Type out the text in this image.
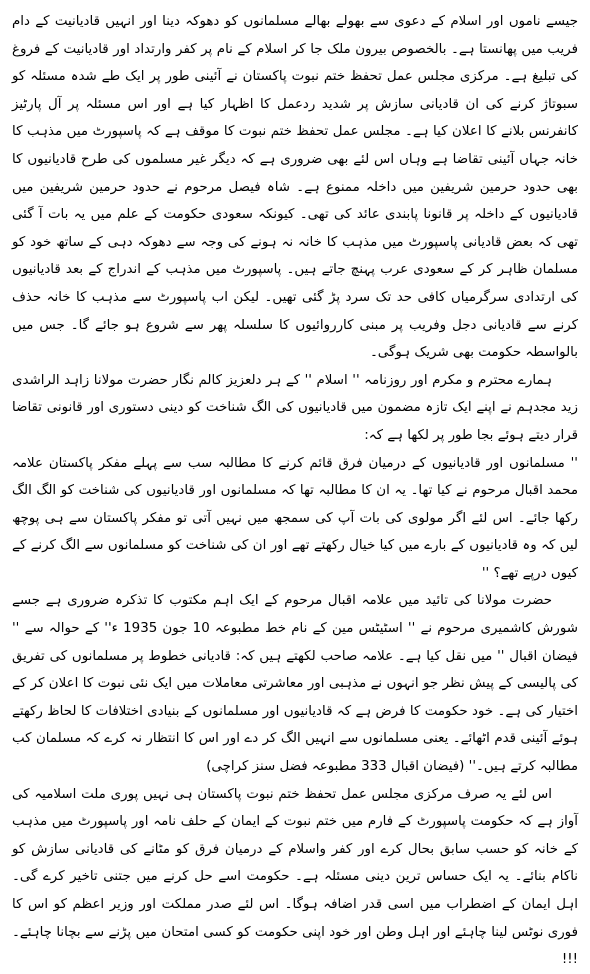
جیسے ناموں اور اسلام کے دعوی سے بھولے بھالے مسلمانوں کو دھوکہ دینا اور انہیں قادیانیت کے دام فریب میں پھانستا ہے۔ بالخصوص بیرون ملک جا کر اسلام کے نام پر کفر وارتداد اور قادیانیت کے فروغ کی تبلیغ ہے۔ مرکزی مجلس عمل تحفظ ختم نبوت پاکستان نے آئینی طور پر ایک طے شدہ مسئلہ کو سبوتاژ کرنے کی ان قادیانی سازش پر شدید ردعمل کا اظہار کیا ہے اور اس مسئلہ پر آل پارٹیز کانفرنس بلانے کا اعلان کیا ہے۔ مجلس عمل تحفظ ختم نبوت کا موقف ہے کہ پاسپورٹ میں مذہب کا خانہ جہاں آئینی تقاضا ہے وہاں اس لئے بھی ضروری ہے کہ دیگر غیر مسلموں کی طرح قادیانیوں کا بھی حدود حرمین شریفین میں داخلہ ممنوع ہے۔ شاہ فیصل مرحوم نے حدود حرمین شریفین میں قادیانیوں کے داخلہ پر قانونا پابندی عائد کی تھی۔ کیونکہ سعودی حکومت کے علم میں یہ بات آ گئی تھی کہ بعض قادیانی پاسپورٹ میں مذہب کا خانہ نہ ہونے کی وجہ سے دھوکہ دہی کے ساتھ خود کو مسلمان ظاہر کر کے سعودی عرب پہنچ جاتے ہیں۔ پاسپورٹ میں مذہب کے اندراج کے بعد قادیانیوں کی ارتدادی سرگرمیاں کافی حد تک سرد پڑ گئی تھیں۔ لیکن اب پاسپورٹ سے مذہب کا خانہ حذف کرنے سے قادیانی دجل وفریب پر مبنی کارروائیوں کا سلسلہ پھر سے شروع ہو جائے گا۔ جس میں بالواسطہ حکومت بھی شریک ہوگی۔

ہمارے محترم و مکرم اور روزنامہ '' اسلام '' کے ہر دلعزیز کالم نگار حضرت مولانا زاہد الراشدی زید مجدہم نے اپنے ایک تازہ مضمون میں قادیانیوں کی الگ شناخت کو دینی دستوری اور قانونی تقاضا قرار دیتے ہوئے بجا طور پر لکھا ہے کہ:

'' مسلمانوں اور قادیانیوں کے درمیان فرق قائم کرنے کا مطالبہ سب سے پہلے مفکر پاکستان علامہ محمد اقبال مرحوم نے کیا تھا۔ یہ ان کا مطالبہ تھا کہ مسلمانوں اور قادیانیوں کی شناخت کو الگ الگ رکھا جائے۔ اس لئے اگر مولوی کی بات آپ کی سمجھ میں نہیں آتی تو مفکر پاکستان سے ہی پوچھ لیں کہ وہ قادیانیوں کے بارے میں کیا خیال رکھتے تھے اور ان کی شناخت کو مسلمانوں سے الگ کرنے کے کیوں درپے تھے؟ ''

حضرت مولانا کی تائید میں علامہ اقبال مرحوم کے ایک اہم مکتوب کا تذکرہ ضروری ہے جسے شورش کاشمیری مرحوم نے '' اسٹیٹس مین کے نام خط مطبوعہ 10 جون 1935 ء'' کے حوالہ سے '' فیضان اقبال '' میں نقل کیا ہے۔ علامہ صاحب لکھتے ہیں کہ: قادیانی خطوط پر مسلمانوں کی تفریق کی پالیسی کے پیش نظر جو انہوں نے مذہبی اور معاشرتی معاملات میں ایک نئی نبوت کا اعلان کر کے اختیار کی ہے۔ خود حکومت کا فرض ہے کہ قادیانیوں اور مسلمانوں کے بنیادی اختلافات کا لحاظ رکھتے ہوئے آئینی قدم اٹھائے۔ یعنی مسلمانوں سے انہیں الگ کر دے اور اس کا انتظار نہ کرے کہ مسلمان کب مطالبہ کرتے ہیں۔'' (فیضان اقبال 333 مطبوعہ فضل سنز کراچی)

اس لئے یہ صرف مرکزی مجلس عمل تحفظ ختم نبوت پاکستان ہی نہیں پوری ملت اسلامیہ کی آواز ہے کہ حکومت پاسپورٹ کے فارم میں ختم نبوت کے ایمان کے حلف نامہ اور پاسپورٹ میں مذہب کے خانہ کو حسب سابق بحال کرے اور کفر واسلام کے درمیان فرق کو مٹانے کی قادیانی سازش کو ناکام بنائے۔ یہ ایک حساس ترین دینی مسئلہ ہے۔ حکومت اسے حل کرنے میں جتنی تاخیر کرے گی۔ اہل ایمان کے اضطراب میں اسی قدر اضافہ ہوگا۔ اس لئے صدر مملکت اور وزیر اعظم کو اس کا فوری نوٹس لینا چاہئے اور اہل وطن اور خود اپنی حکومت کو کسی امتحان میں پڑنے سے بچانا چاہئے۔ !!!
